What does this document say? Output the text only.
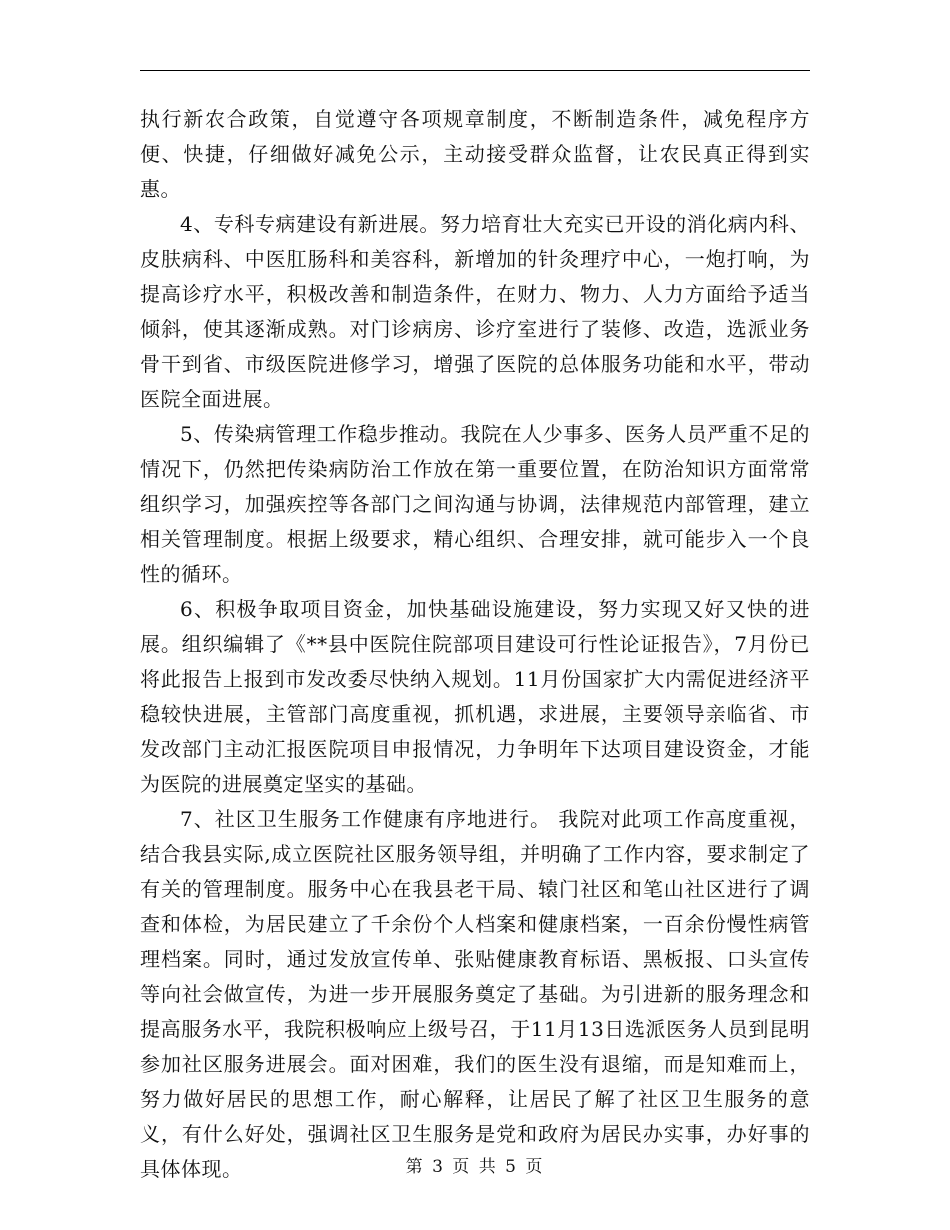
执行新农合政策，自觉遵守各项规章制度，不断制造条件，减免程序方便、快捷，仔细做好减免公示，主动接受群众监督，让农民真正得到实惠。

4、专科专病建设有新进展。努力培育壮大充实已开设的消化病内科、皮肤病科、中医肛肠科和美容科，新增加的针灸理疗中心，一炮打响，为提高诊疗水平，积极改善和制造条件，在财力、物力、人力方面给予适当倾斜，使其逐渐成熟。对门诊病房、诊疗室进行了装修、改造，选派业务骨干到省、市级医院进修学习，增强了医院的总体服务功能和水平，带动医院全面进展。

5、传染病管理工作稳步推动。我院在人少事多、医务人员严重不足的情况下，仍然把传染病防治工作放在第一重要位置，在防治知识方面常常组织学习，加强疾控等各部门之间沟通与协调，法律规范内部管理，建立相关管理制度。根据上级要求，精心组织、合理安排，就可能步入一个良性的循环。

6、积极争取项目资金，加快基础设施建设，努力实现又好又快的进展。组织编辑了《**县中医院住院部项目建设可行性论证报告》，7月份已将此报告上报到市发改委尽快纳入规划。11月份国家扩大内需促进经济平稳较快进展，主管部门高度重视，抓机遇，求进展，主要领导亲临省、市发改部门主动汇报医院项目申报情况，力争明年下达项目建设资金，才能为医院的进展奠定坚实的基础。

7、社区卫生服务工作健康有序地进行。 我院对此项工作高度重视，结合我县实际,成立医院社区服务领导组，并明确了工作内容，要求制定了有关的管理制度。服务中心在我县老干局、辕门社区和笔山社区进行了调查和体检，为居民建立了千余份个人档案和健康档案，一百余份慢性病管理档案。同时，通过发放宣传单、张贴健康教育标语、黑板报、口头宣传等向社会做宣传，为进一步开展服务奠定了基础。为引进新的服务理念和提高服务水平，我院积极响应上级号召，于11月13日选派医务人员到昆明参加社区服务进展会。面对困难，我们的医生没有退缩，而是知难而上，努力做好居民的思想工作，耐心解释，让居民了解了社区卫生服务的意义，有什么好处，强调社区卫生服务是党和政府为居民办实事，办好事的具体体现。	第 3 页 共 5 页
